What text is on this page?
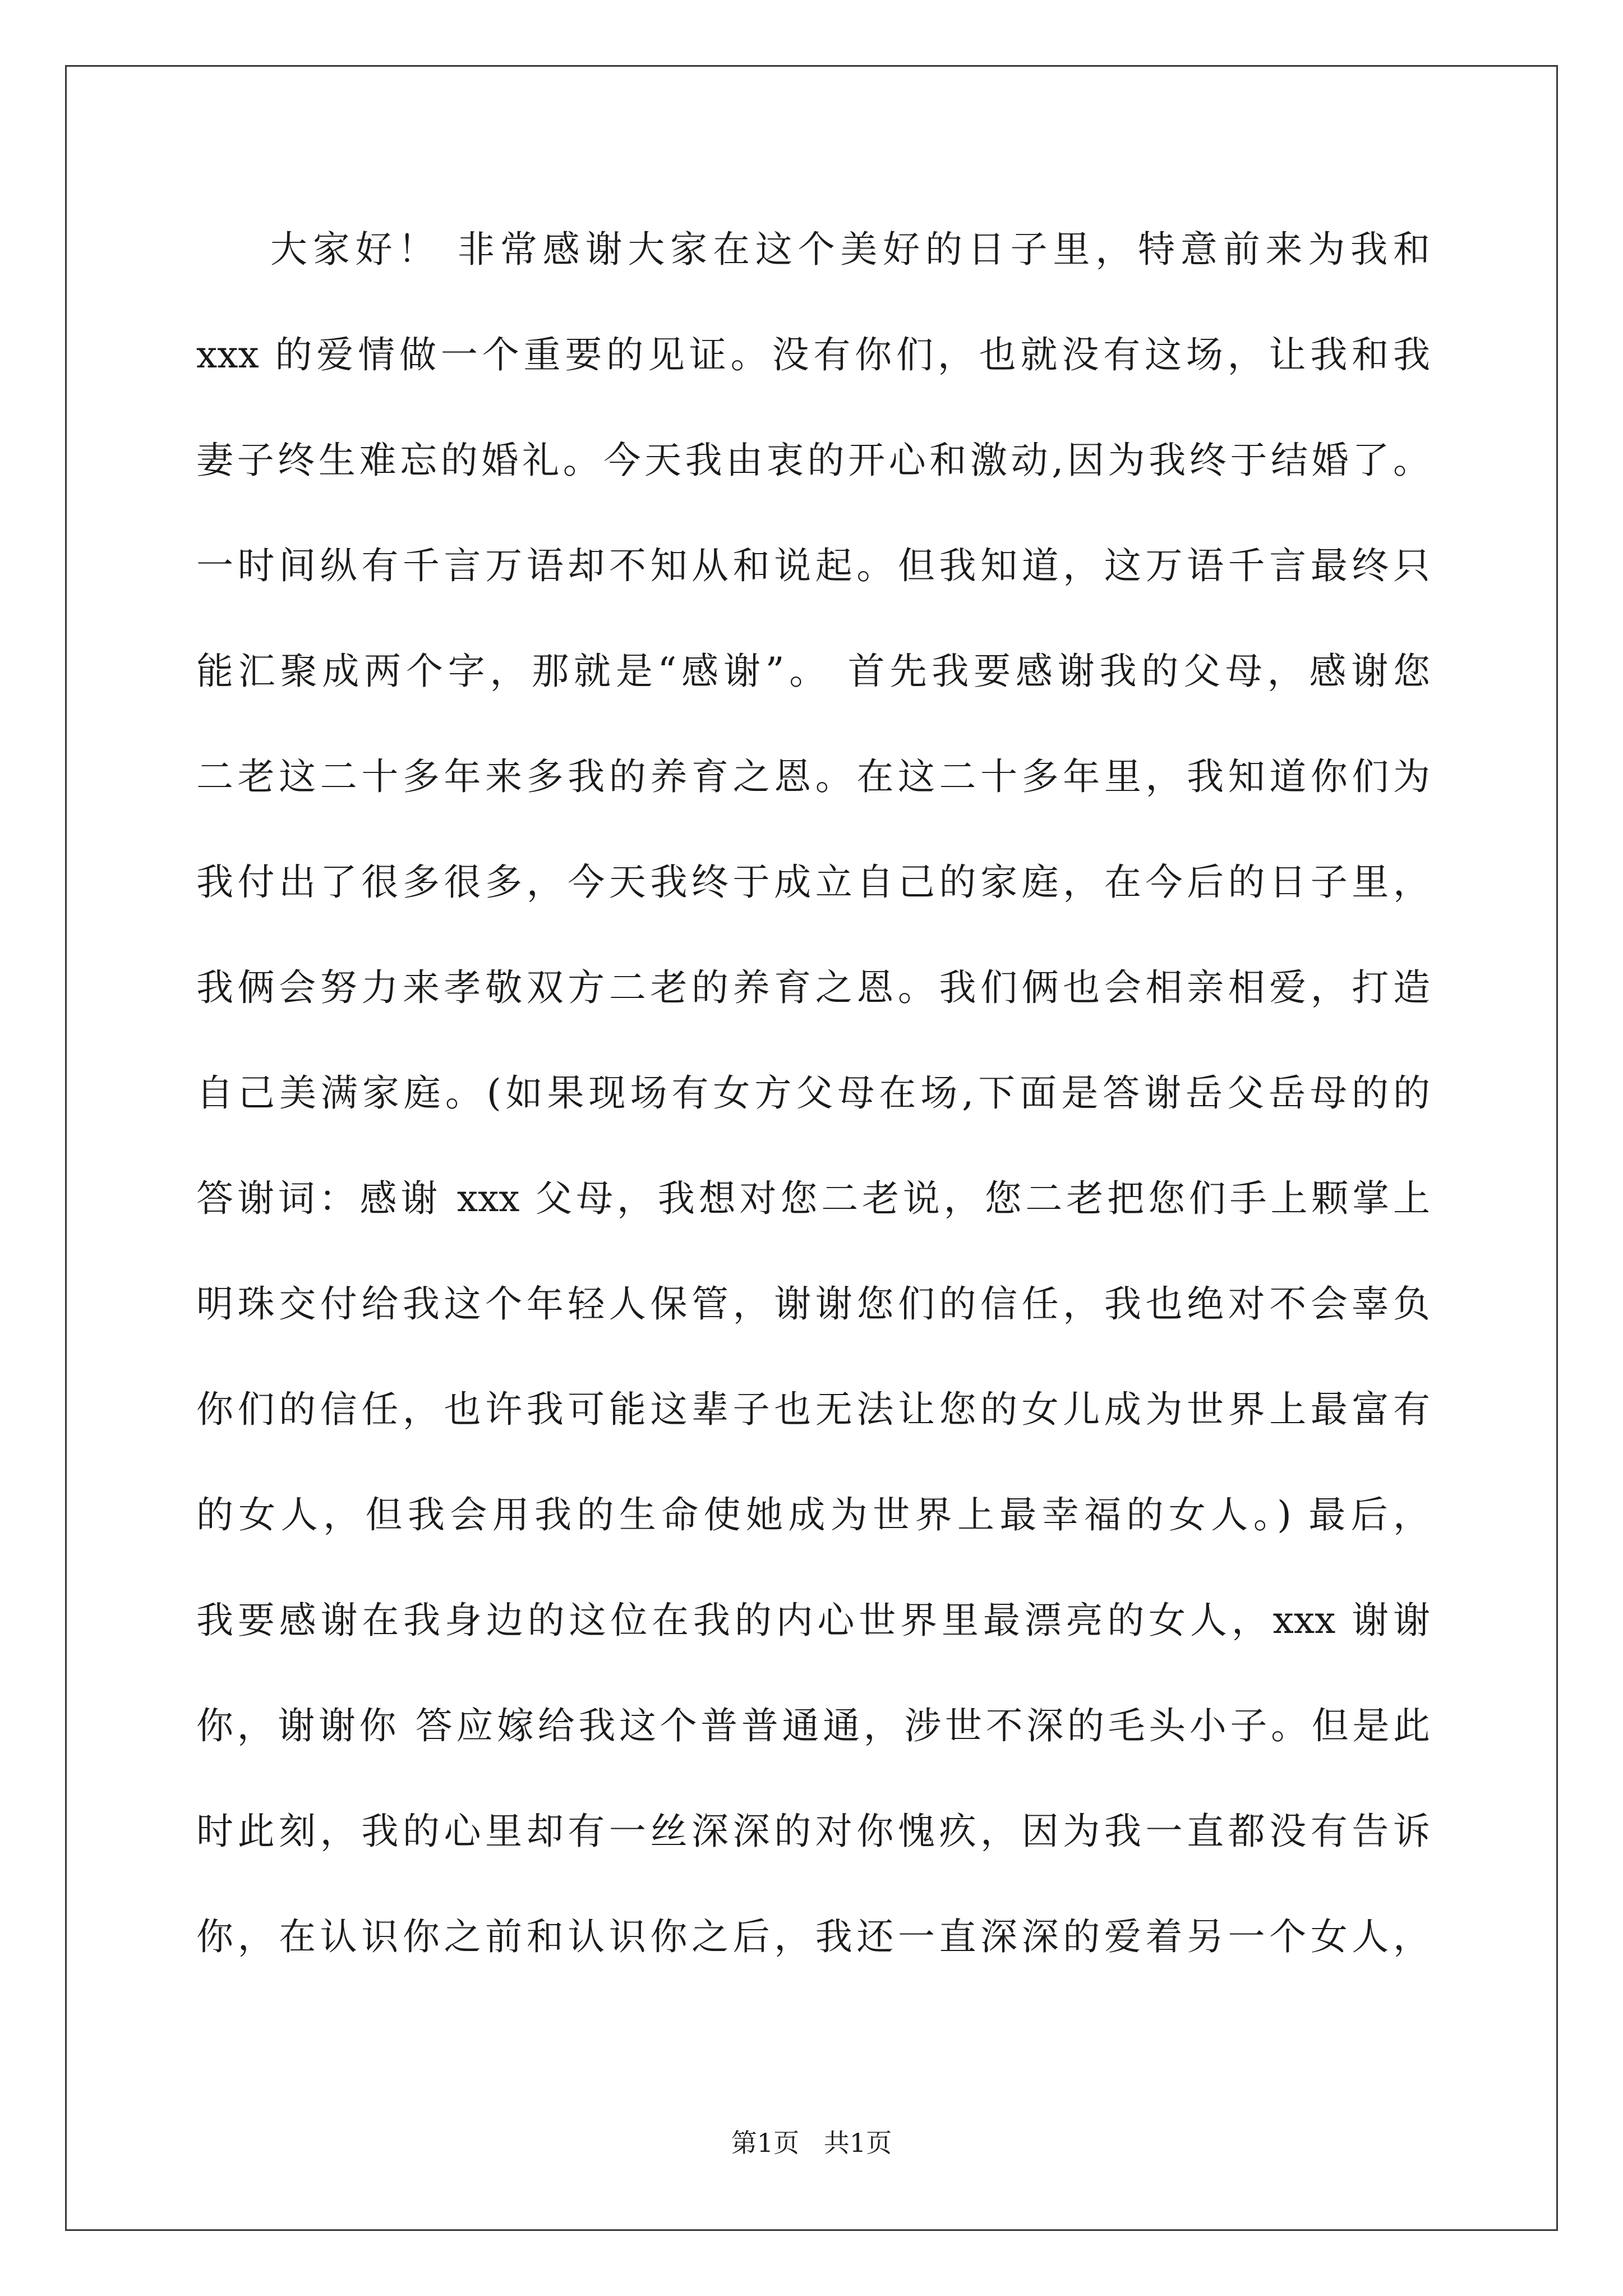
大家好！ 非常感谢大家在这个美好的日子里，特意前来为我和
xxx 的爱情做一个重要的见证。没有你们，也就没有这场，让我和我
妻子终生难忘的婚礼。今天我由衷的开心和激动,因为我终于结婚了。
一时间纵有千言万语却不知从和说起。但我知道，这万语千言最终只
能汇聚成两个字，那就是“感谢”。 首先我要感谢我的父母，感谢您
二老这二十多年来多我的养育之恩。在这二十多年里，我知道你们为
我付出了很多很多，今天我终于成立自己的家庭，在今后的日子里，
我俩会努力来孝敬双方二老的养育之恩。我们俩也会相亲相爱，打造
自己美满家庭。(如果现场有女方父母在场,下面是答谢岳父岳母的的
答谢词：感谢 xxx 父母，我想对您二老说，您二老把您们手上颗掌上
明珠交付给我这个年轻人保管，谢谢您们的信任，我也绝对不会辜负
你们的信任，也许我可能这辈子也无法让您的女儿成为世界上最富有
的女人，但我会用我的生命使她成为世界上最幸福的女人。) 最后，
我要感谢在我身边的这位在我的内心世界里最漂亮的女人，xxx 谢谢
你，谢谢你 答应嫁给我这个普普通通，涉世不深的毛头小子。但是此
时此刻，我的心里却有一丝深深的对你愧疚，因为我一直都没有告诉
你，在认识你之前和认识你之后，我还一直深深的爱着另一个女人，
第1页   共1页
